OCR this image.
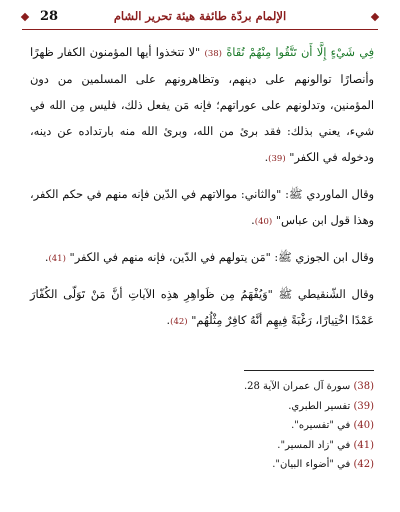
الإلمام بردّة طائفة هيئة تحرير الشام
28

فِي شَيْءٍ إِلَّا أَن تَتَّقُوا مِنْهُمْ تُقَاةً (38) "لا تتخذوا أيها المؤمنون الكفار ظهرًا وأنصارًا توالونهم على دينهم، وتظاهرونهم على المسلمين من دون المؤمنين، وتدلونهم على عوراتهم؛ فإنه مَن يفعل ذلك، فليس مِن الله في شيء، يعني بذلك: فقد برئ من الله، وبرئ الله منه بارتداده عن دينه، ودخوله في الكفر" (39).

وقال الماوردي ﷺ: "والثاني: موالاتهم في الدّين فإنه منهم في حكم الكفر، وهذا قول ابن عباس" (40).

وقال ابن الجوزي ﷺ: "مَن يتولهم في الدّين، فإنه منهم في الكفر" (41).

وقال الشّنقيطي ﷺ "وَيُفْهَمُ مِن ظَواهِرِ هذِه الآياتِ أنَّ مَنْ تَوَلّى الكُفّارَ عَمْدًا اخْتِيارًا، رَغْبَةً فِيهِم أنَّهُ كافِرٌ مِثْلُهُم" (42).

(38) سورة آل عمران الآية 28.

(39) تفسير الطبري.

(40) في "تفسيره".

(41) في "زاد المسير".

(42) في "أضواء البيان".
